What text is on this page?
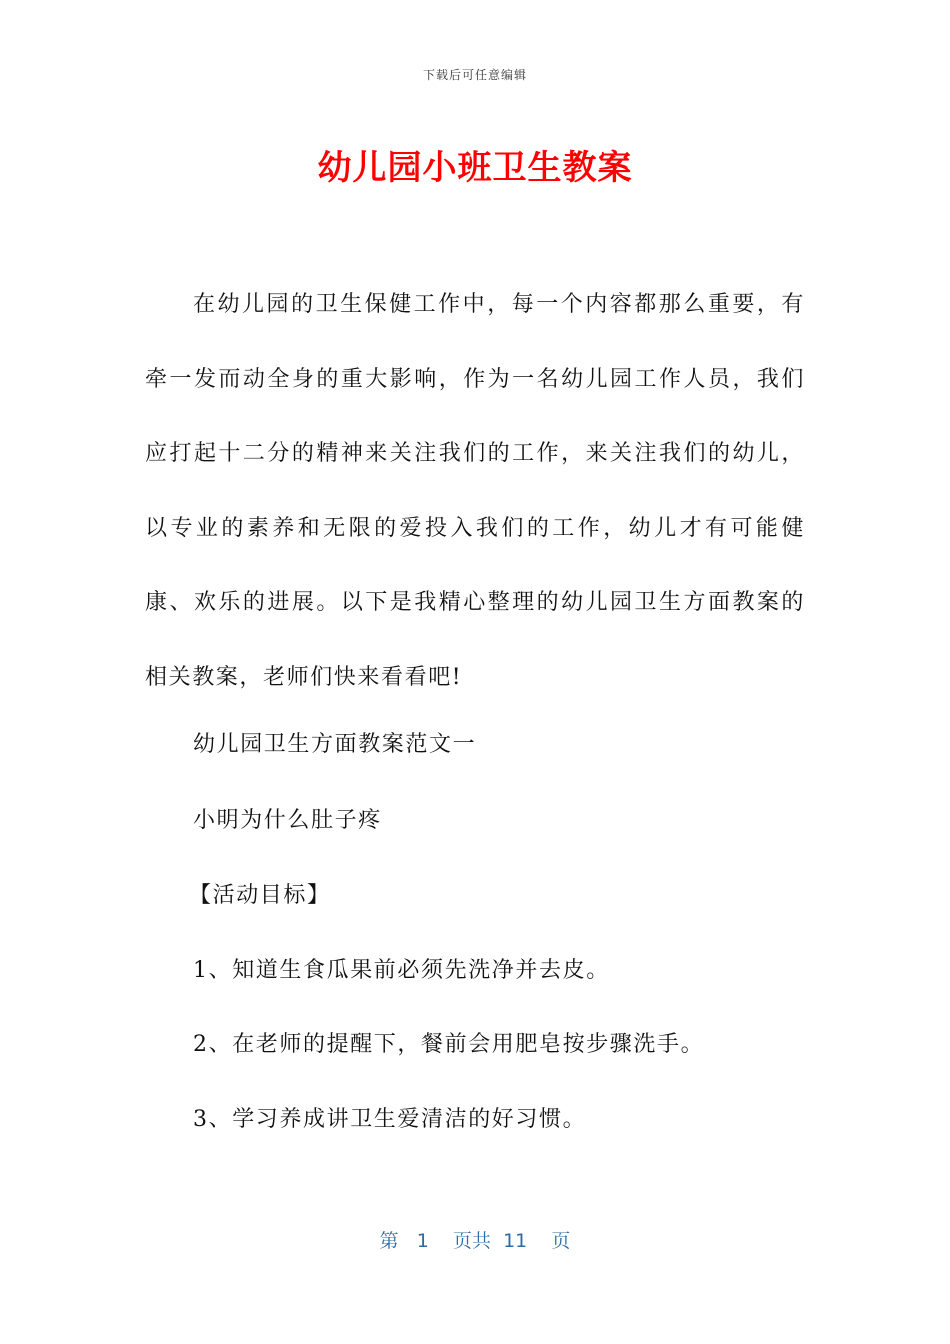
下载后可任意编辑
幼儿园小班卫生教案
在幼儿园的卫生保健工作中，每一个内容都那么重要，有牵一发而动全身的重大影响，作为一名幼儿园工作人员，我们应打起十二分的精神来关注我们的工作，来关注我们的幼儿，以专业的素养和无限的爱投入我们的工作，幼儿才有可能健康、欢乐的进展。以下是我精心整理的幼儿园卫生方面教案的相关教案，老师们快来看看吧!
幼儿园卫生方面教案范文一
小明为什么肚子疼
【活动目标】
1、知道生食瓜果前必须先洗净并去皮。
2、在老师的提醒下，餐前会用肥皂按步骤洗手。
3、学习养成讲卫生爱清洁的好习惯。
第 1 页共 11 页
